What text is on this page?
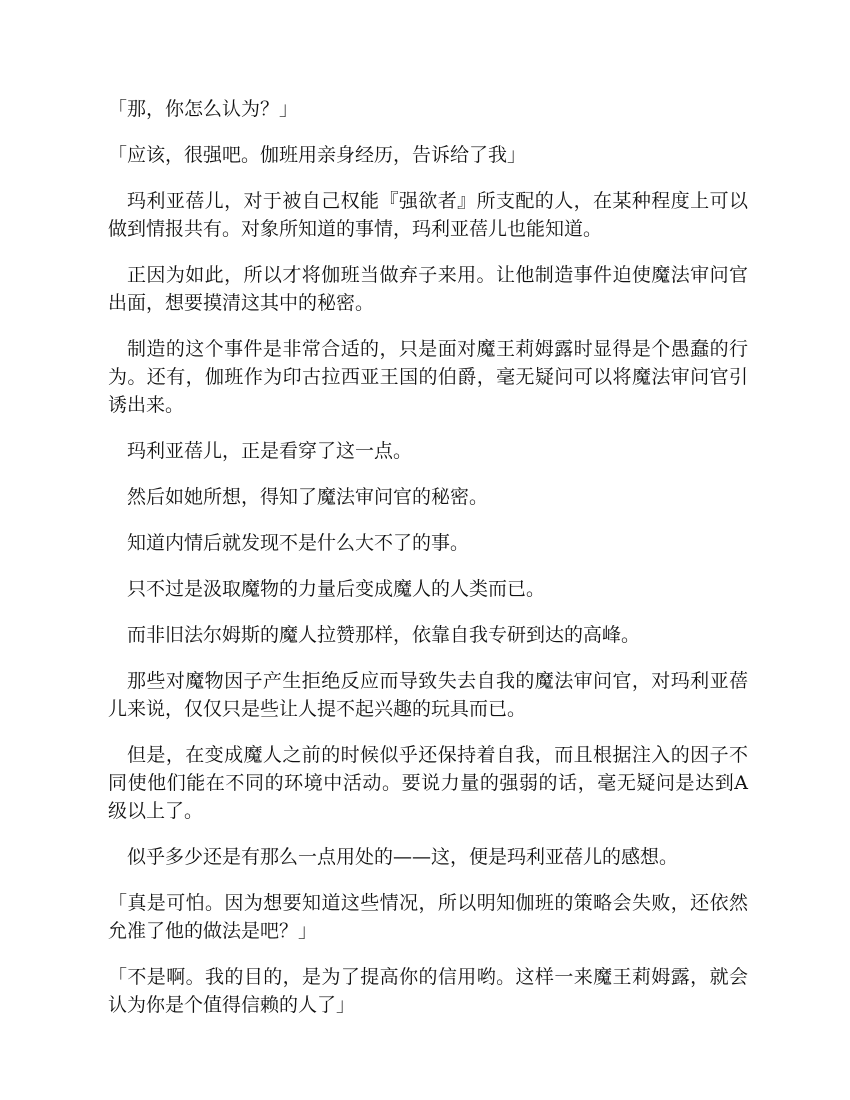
「那，你怎么认为？」

「应该，很强吧。伽班用亲身经历，告诉给了我」

玛利亚蓓儿，对于被自己权能『强欲者』所支配的人，在某种程度上可以做到情报共有。对象所知道的事情，玛利亚蓓儿也能知道。

正因为如此，所以才将伽班当做弃子来用。让他制造事件迫使魔法审问官出面，想要摸清这其中的秘密。

制造的这个事件是非常合适的，只是面对魔王莉姆露时显得是个愚蠢的行为。还有，伽班作为印古拉西亚王国的伯爵，毫无疑问可以将魔法审问官引诱出来。

玛利亚蓓儿，正是看穿了这一点。

然后如她所想，得知了魔法审问官的秘密。

知道内情后就发现不是什么大不了的事。

只不过是汲取魔物的力量后变成魔人的人类而已。

而非旧法尔姆斯的魔人拉赞那样，依靠自我专研到达的高峰。

那些对魔物因子产生拒绝反应而导致失去自我的魔法审问官，对玛利亚蓓儿来说，仅仅只是些让人提不起兴趣的玩具而已。

但是，在变成魔人之前的时候似乎还保持着自我，而且根据注入的因子不同使他们能在不同的环境中活动。要说力量的强弱的话，毫无疑问是达到A级以上了。

似乎多少还是有那么一点用处的——这，便是玛利亚蓓儿的感想。

「真是可怕。因为想要知道这些情况，所以明知伽班的策略会失败，还依然允准了他的做法是吧？」

「不是啊。我的目的，是为了提高你的信用哟。这样一来魔王莉姆露，就会认为你是个值得信赖的人了」
